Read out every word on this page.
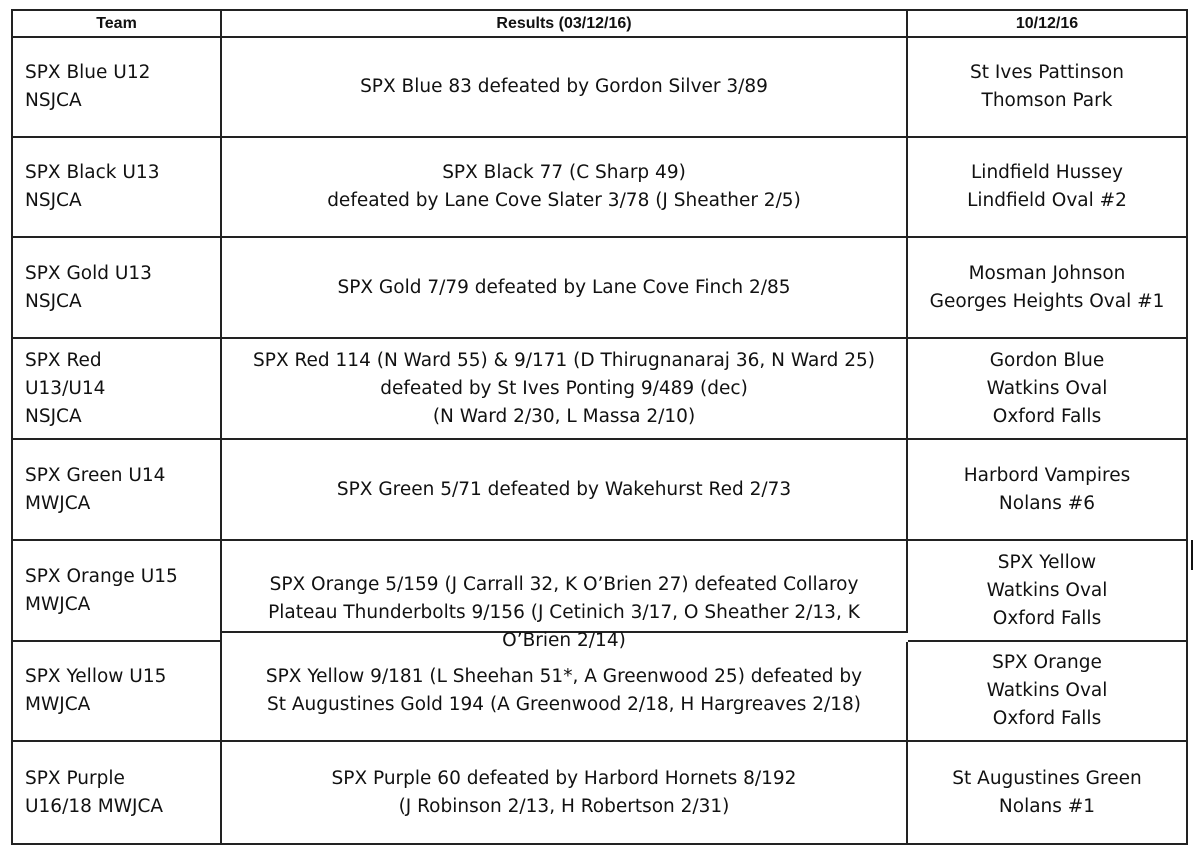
Team	Results (03/12/16)	10/12/16
SPX Blue U12
NSJCA
SPX Blue 83 defeated by Gordon Silver 3/89
St Ives Pattinson
Thomson Park
SPX Black U13
NSJCA
SPX Black 77 (C Sharp 49)
defeated by Lane Cove Slater 3/78 (J Sheather 2/5)
Lindfield Hussey
Lindfield Oval #2
SPX Gold U13
NSJCA
SPX Gold 7/79 defeated by Lane Cove Finch 2/85
Mosman Johnson
Georges Heights Oval #1
SPX Red
U13/U14
NSJCA
SPX Red 114 (N Ward 55) & 9/171 (D Thirugnanaraj 36, N Ward 25)
defeated by St Ives Ponting 9/489 (dec)
(N Ward 2/30, L Massa 2/10)
Gordon Blue
Watkins Oval
Oxford Falls
SPX Green U14
MWJCA
SPX Green 5/71 defeated by Wakehurst Red 2/73
Harbord Vampires
Nolans #6
SPX Orange U15
MWJCA
SPX Orange 5/159 (J Carrall 32, K O’Brien 27) defeated Collaroy
Plateau Thunderbolts 9/156 (J Cetinich 3/17, O Sheather 2/13, K
O’Brien 2/14)
SPX Yellow
Watkins Oval
Oxford Falls
SPX Yellow U15
MWJCA
SPX Yellow 9/181 (L Sheehan 51*, A Greenwood 25) defeated by
St Augustines Gold 194 (A Greenwood 2/18, H Hargreaves 2/18)
SPX Orange
Watkins Oval
Oxford Falls
SPX Purple
U16/18 MWJCA
SPX Purple 60 defeated by Harbord Hornets 8/192
(J Robinson 2/13, H Robertson 2/31)
St Augustines Green
Nolans #1
